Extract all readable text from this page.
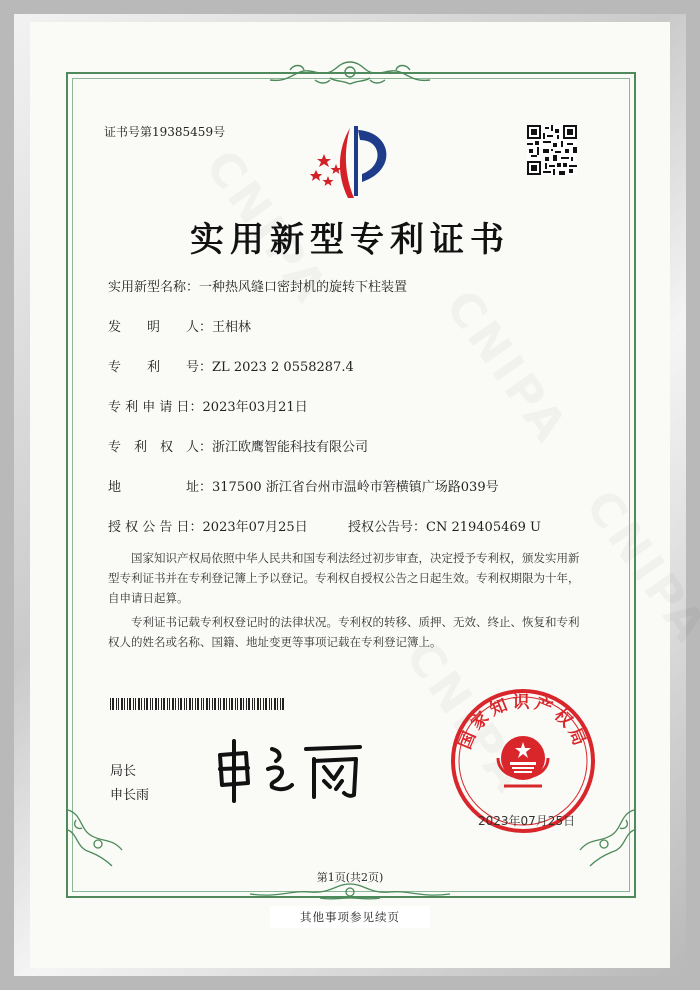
证书号第19385459号
实用新型专利证书
实用新型名称：一种热风缝口密封机的旋转下柱装置
发　　明　　人：王相林
专　　利　　号：ZL 2023 2 0558287.4
专 利 申 请 日：2023年03月21日
专　利　权　人：浙江欧鹰智能科技有限公司
地　　　　　址：317500 浙江省台州市温岭市箬横镇广场路039号
授 权 公 告 日：2023年07月25日	授权公告号：CN 219405469 U
国家知识产权局依照中华人民共和国专利法经过初步审查，决定授予专利权，颁发实用新型专利证书并在专利登记簿上予以登记。专利权自授权公告之日起生效。专利权期限为十年，自申请日起算。
专利证书记载专利权登记时的法律状况。专利权的转移、质押、无效、终止、恢复和专利权人的姓名或名称、国籍、地址变更等事项记载在专利登记簿上。
局长
申长雨
国家知识产权局
2023年07月25日
第1页(共2页)
其他事项参见续页
